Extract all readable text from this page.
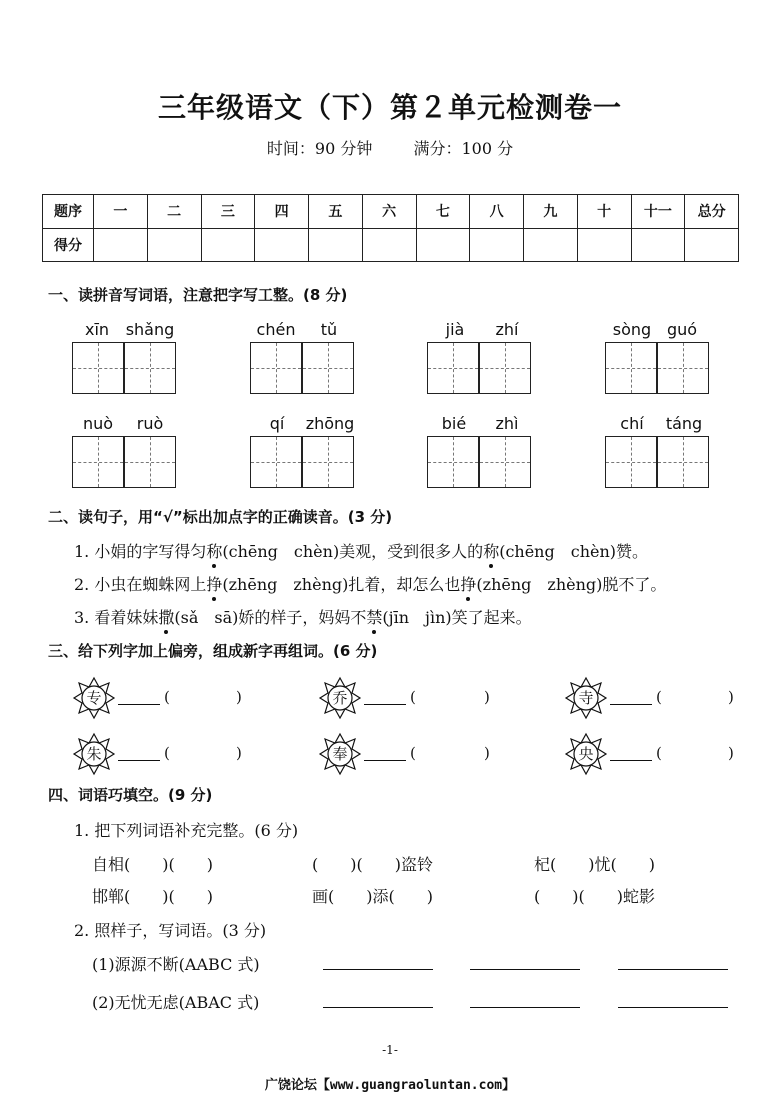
三年级语文（下）第２单元检测卷一
时间：90 分钟	满分：100 分
题序	一	二	三	四	五	六	七	八	九	十	十一	总分
得分												
一、读拼音写词语，注意把字写工整。(8 分)
xīn shǎng	chén	tǔ	jià	zhí	sòng guó
nuò ruò	qí	zhōng	bié	zhì	chí	táng
二、读句子，用“√”标出加点字的正确读音。(3 分)
1. 小娟的字写得匀称(chēng　chèn)美观，受到很多人的称(chēng　chèn)赞。
2. 小虫在蜘蛛网上挣(zhēng　zhèng)扎着，却怎么也挣(zhēng　zhèng)脱不了。
3. 看着妹妹撒(sǎ　sā)娇的样子，妈妈不禁(jīn　jìn)笑了起来。
三、给下列字加上偏旁，组成新字再组词。(6 分)
专	(	)	乔	(	)	寺	(	)
朱	(	)	奉	(	)	央	(	)
四、词语巧填空。(9 分)
1. 把下列词语补充完整。(6 分)
自相(　　)(　　)	(　　)(　　)盗铃	杞(　　)忧(　　)
邯郸(　　)(　　)	画(　　)添(　　)	(　　)(　　)蛇影
2. 照样子，写词语。(3 分)
(1)源源不断(AABC 式)
(2)无忧无虑(ABAC 式)
-1-
广饶论坛【www.guangraoluntan.com】
